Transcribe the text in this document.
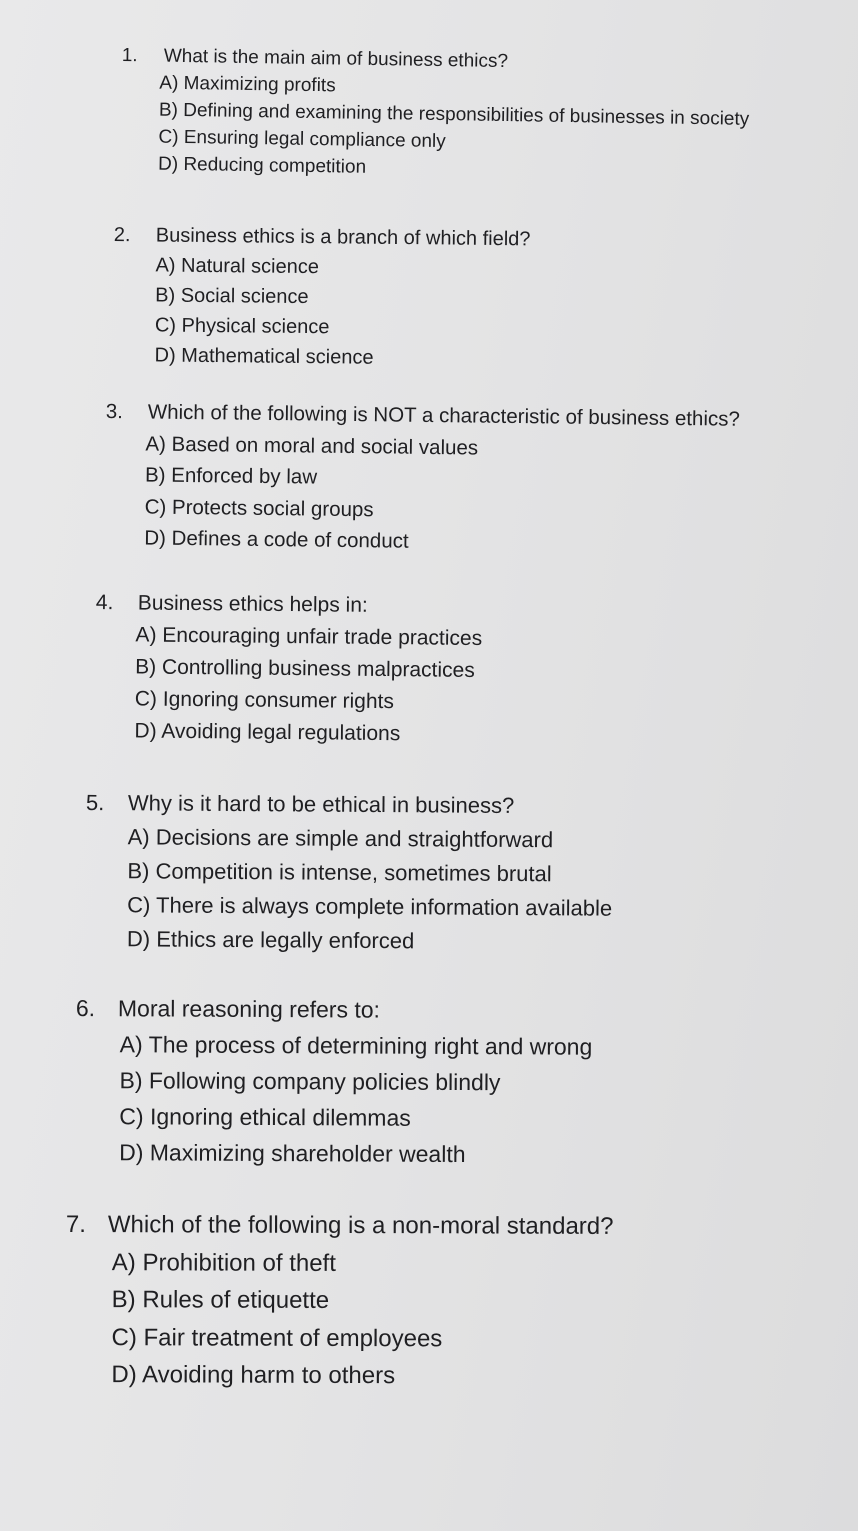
1.	What is the main aim of business ethics?
A) Maximizing profits
B) Defining and examining the responsibilities of businesses in society
C) Ensuring legal compliance only
D) Reducing competition
2.	Business ethics is a branch of which field?
A) Natural science
B) Social science
C) Physical science
D) Mathematical science
3.	Which of the following is NOT a characteristic of business ethics?
A) Based on moral and social values
B) Enforced by law
C) Protects social groups
D) Defines a code of conduct
4.	Business ethics helps in:
A) Encouraging unfair trade practices
B) Controlling business malpractices
C) Ignoring consumer rights
D) Avoiding legal regulations
5.	Why is it hard to be ethical in business?
A) Decisions are simple and straightforward
B) Competition is intense, sometimes brutal
C) There is always complete information available
D) Ethics are legally enforced
6. Moral reasoning refers to:
A) The process of determining right and wrong
B) Following company policies blindly
C) Ignoring ethical dilemmas
D) Maximizing shareholder wealth
7. Which of the following is a non-moral standard?
A) Prohibition of theft
B) Rules of etiquette
C) Fair treatment of employees
D) Avoiding harm to others
